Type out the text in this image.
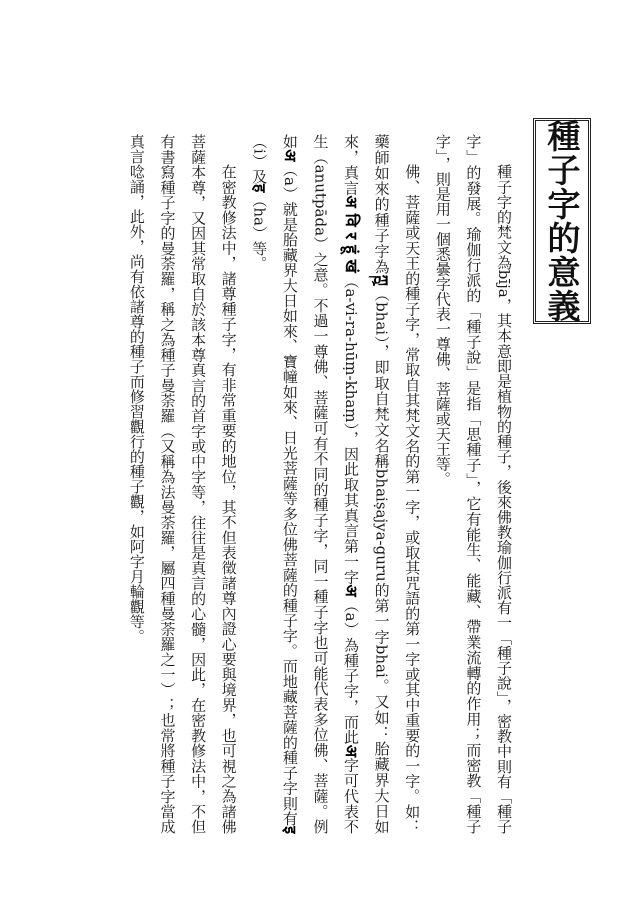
種子字的意義

種子字的梵文為bīja，其本意即是植物的種子，後來佛教瑜伽行派有一「種子說」，密教中則有「種子字」的發展。瑜伽行派的「種子說」是指「思種子」，它有能生、能藏、帶業流轉的作用；而密教「種子字」，則是用一個悉曇字代表一尊佛、菩薩或天王等。

佛、菩薩或天王的種子字，常取自其梵文名的第一字，或取其咒語的第一字或其中重要的一字。如：藥師如來的種子字為ཀྵ（bhai），即取自梵文名稱bhaiṣajya-guru的第一字bhai。又如：胎藏界大日如來，真言अ वि र हूं खं（a-vi-ra-hūṃ-khaṃ），因此取其真言第一字अ（a）為種子字，而此अ字可代表不生（anutpāda）之意。不過一尊佛、菩薩可有不同的種子字，同一種子字也可能代表多位佛、菩薩。例如अ（a）就是胎藏界大日如來、寶幢如來、日光菩薩等多位佛菩薩的種子字。而地藏菩薩的種子字則有इ（i）及ह（ha）等。

在密教修法中，諸尊種子字，有非常重要的地位，其不但表徵諸尊內證心要與境界，也可視之為諸佛菩薩本尊，又因其常取自於該本尊真言的首字或中字等，往往是真言的心髓，因此，在密教修法中，不但有書寫種子字的曼荼羅，稱之為種子曼荼羅（又稱為法曼荼羅，屬四種曼荼羅之一）；也常將種子字當成真言唸誦，此外，尚有依諸尊的種子而修習觀行的種子觀，如阿字月輪觀等。
